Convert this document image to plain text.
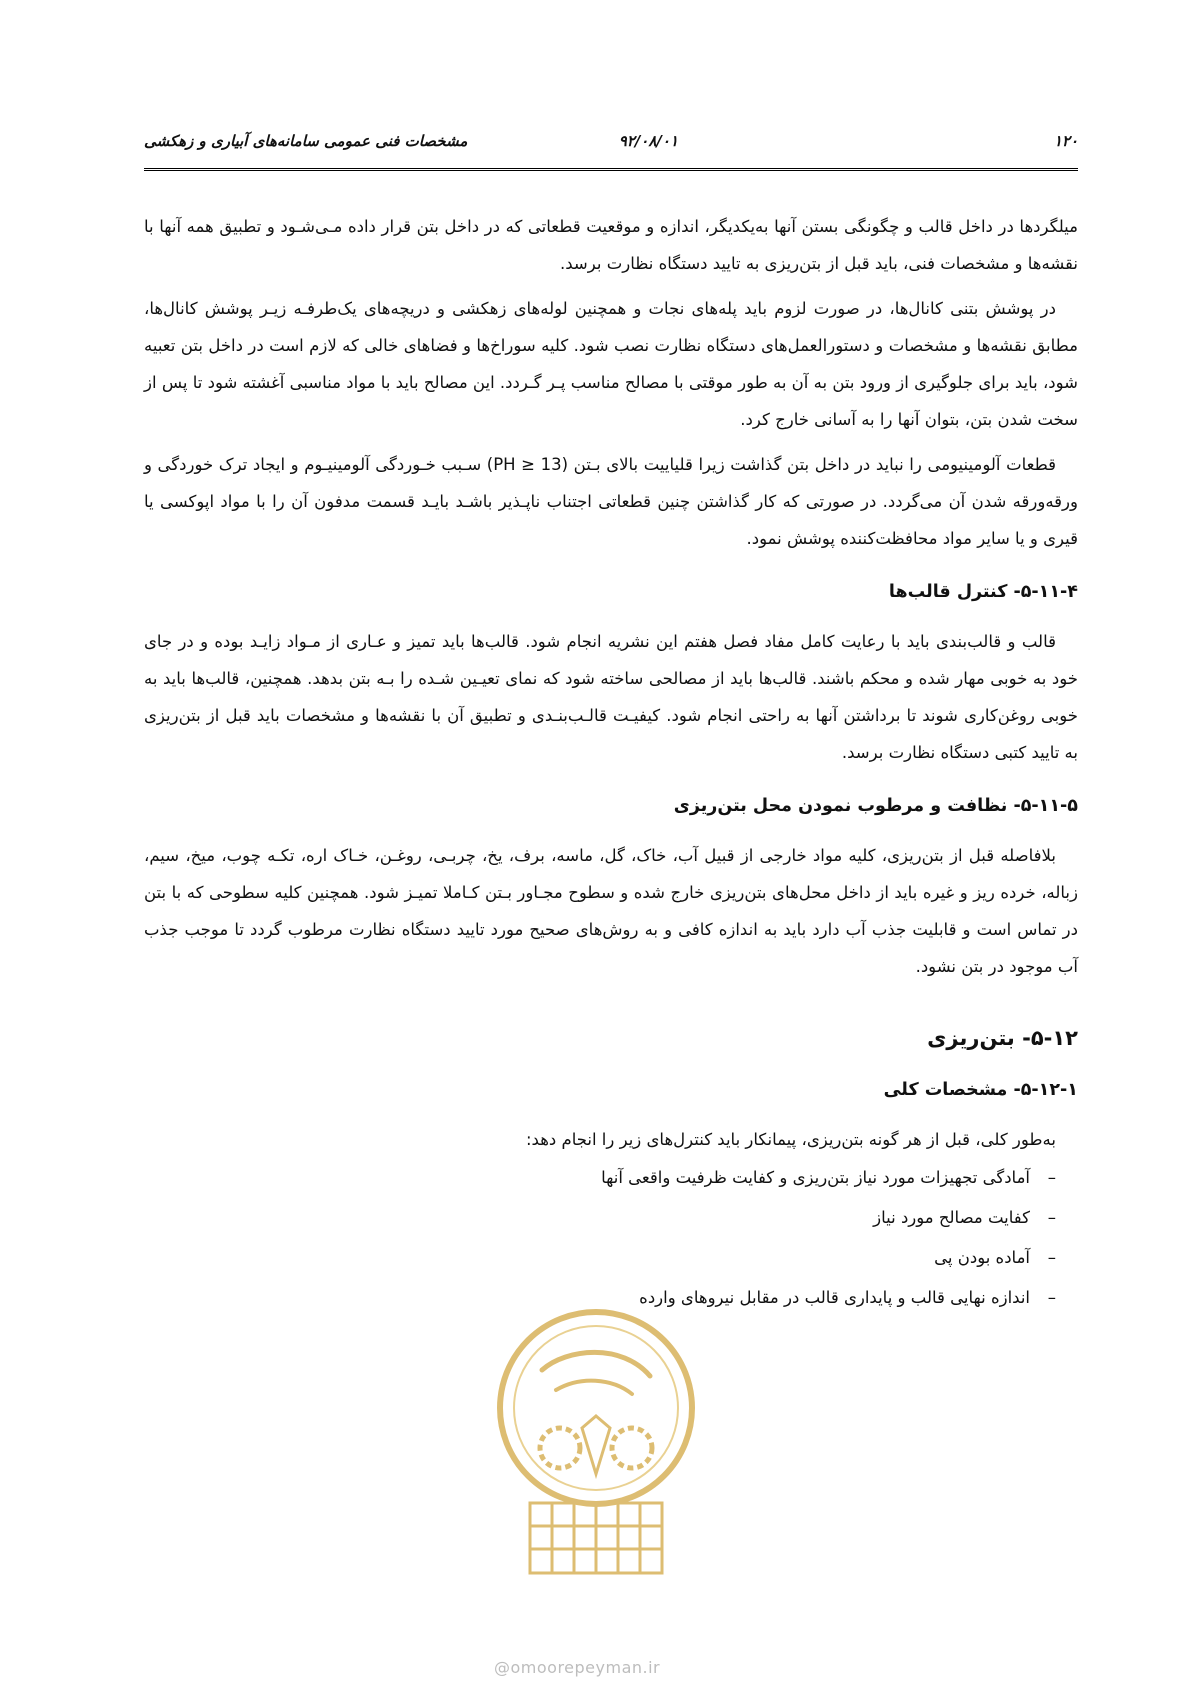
۱۲۰
۹۲/۰۸/۰۱
مشخصات فنی عمومی سامانه‌های آبیاری و زهکشی

میلگردها در داخل قالب و چگونگی بستن آنها به‌یکدیگر، اندازه و موقعیت قطعاتی که در داخل بتن قرار داده مـی‌شـود و تطبیق همه آنها با نقشه‌ها و مشخصات فنی، باید قبل از بتن‌ریزی به تایید دستگاه نظارت برسد.

در پوشش بتنی کانال‌ها، در صورت لزوم باید پله‌های نجات و همچنین لوله‌های زهکشی و دریچه‌های یک‌طرفـه زیـر پوشش کانال‌ها، مطابق نقشه‌ها و مشخصات و دستورالعمل‌های دستگاه نظارت نصب شود. کلیه سوراخ‌ها و فضاهای خالی که لازم است در داخل بتن تعبیه شود، باید برای جلوگیری از ورود بتن به آن به طور موقتی با مصالح مناسب پـر گـردد. این مصالح باید با مواد مناسبی آغشته شود تا پس از سخت شدن بتن، بتوان آنها را به آسانی خارج کرد.

قطعات آلومینیومی را نباید در داخل بتن گذاشت زیرا قلیاییت بالای بـتن (PH ≥ 13) سـبب خـوردگی آلومینیـوم و ایجاد ترک خوردگی و ورقه‌ورقه شدن آن می‌گردد. در صورتی که کار گذاشتن چنین قطعاتی اجتناب ناپـذیر باشـد بایـد قسمت مدفون آن را با مواد اپوکسی یا قیری و یا سایر مواد محافظت‌کننده پوشش نمود.

۵-۱۱-۴- کنترل قالب‌ها

قالب و قالب‌بندی باید با رعایت کامل مفاد فصل هفتم این نشریه انجام شود. قالب‌ها باید تمیز و عـاری از مـواد زایـد بوده و در جای خود به خوبی مهار شده و محکم باشند. قالب‌ها باید از مصالحی ساخته شود که نمای تعیـین شـده را بـه بتن بدهد. همچنین، قالب‌ها باید به خوبی روغن‌کاری شوند تا برداشتن آنها به راحتی انجام شود. کیفیـت قالـب‌بنـدی و تطبیق آن با نقشه‌ها و مشخصات باید قبل از بتن‌ریزی به تایید کتبی دستگاه نظارت برسد.

۵-۱۱-۵- نظافت و مرطوب نمودن محل بتن‌ریزی

بلافاصله قبل از بتن‌ریزی، کلیه مواد خارجی از قبیل آب، خاک، گل، ماسه، برف، یخ، چربـی، روغـن، خـاک اره، تکـه چوب، میخ، سیم، زباله، خرده ریز و غیره باید از داخل محل‌های بتن‌ریزی خارج شده و سطوح مجـاور بـتن کـاملا تمیـز شود. همچنین کلیه سطوحی که با بتن در تماس است و قابلیت جذب آب دارد باید به اندازه کافی و به روش‌های صحیح مورد تایید دستگاه نظارت مرطوب گردد تا موجب جذب آب موجود در بتن نشود.

۵-۱۲- بتن‌ریزی
۵-۱۲-۱- مشخصات کلی

به‌طور کلی، قبل از هر گونه بتن‌ریزی، پیمانکار باید کنترل‌های زیر را انجام دهد:

–آمادگی تجهیزات مورد نیاز بتن‌ریزی و کفایت ظرفیت واقعی آنها
–کفایت مصالح مورد نیاز
–آماده بودن پی
–اندازه نهایی قالب و پایداری قالب در مقابل نیروهای وارده
@omoorepeyman.ir
